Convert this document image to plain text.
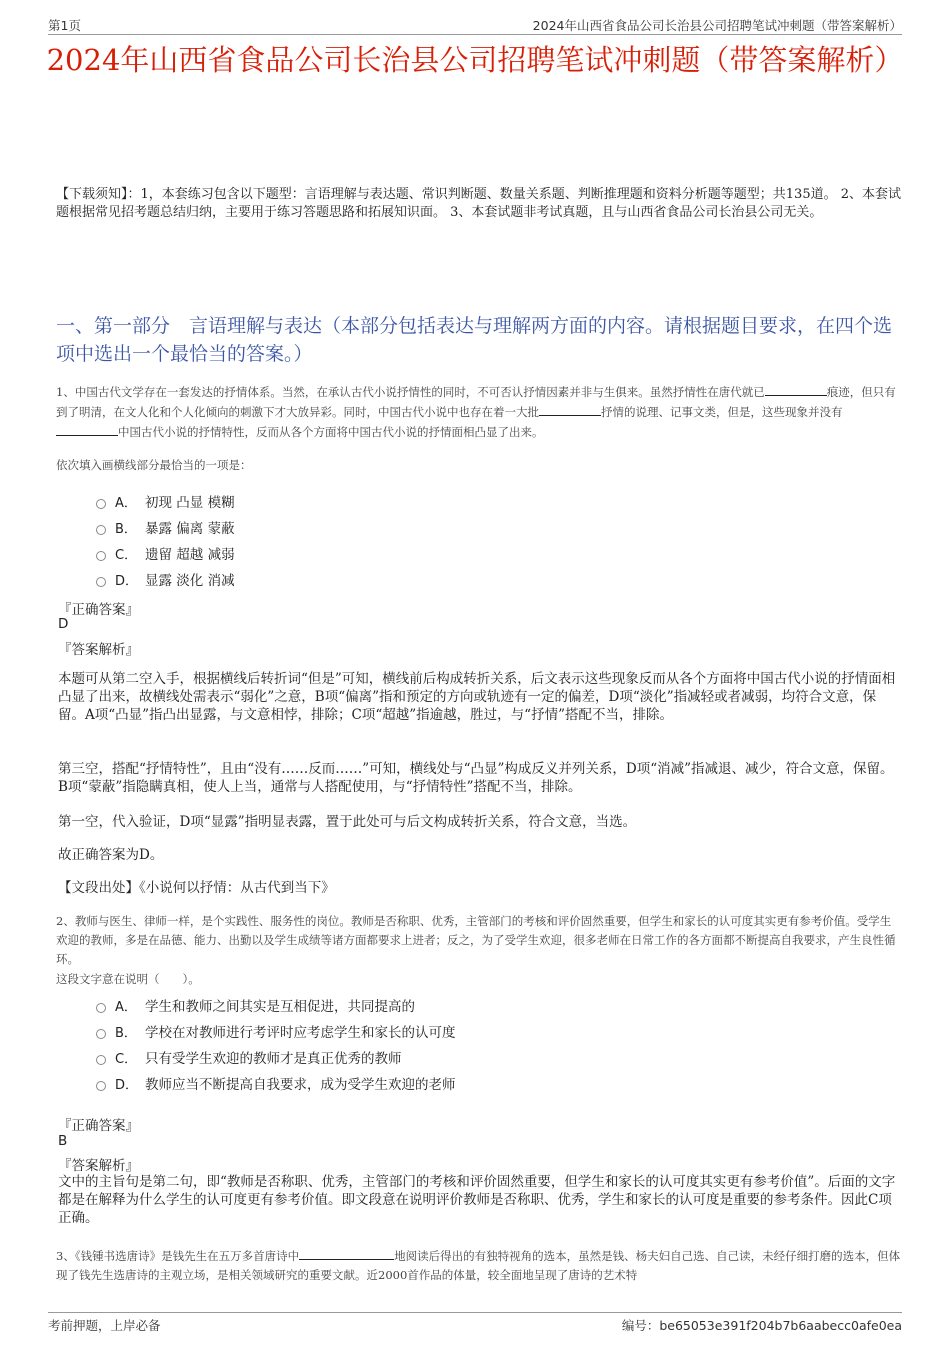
第1页	2024年山西省食品公司长治县公司招聘笔试冲刺题（带答案解析）
2024年山西省食品公司长治县公司招聘笔试冲刺题（带答案解析）
【下载须知】：1，本套练习包含以下题型：言语理解与表达题、常识判断题、数量关系题、判断推理题和资料分析题等题型；共135道。 2、本套试题根据常见招考题总结归纳，主要用于练习答题思路和拓展知识面。 3、本套试题非考试真题，且与山西省食品公司长治县公司无关。
一、第一部分　言语理解与表达（本部分包括表达与理解两方面的内容。请根据题目要求，在四个选项中选出一个最恰当的答案。）
1、中国古代文学存在一套发达的抒情体系。当然，在承认古代小说抒情性的同时，不可否认抒情因素并非与生俱来。虽然抒情性在唐代就已	痕迹，但只有到了明清，在文人化和个人化倾向的刺激下才大放异彩。同时，中国古代小说中也存在着一大批	抒情的说理、记事文类，但是，这些现象并没有中国古代小说的抒情特性，反而从各个方面将中国古代小说的抒情面相凸显了出来。
依次填入画横线部分最恰当的一项是：
A． 初现 凸显 模糊
B． 暴露 偏离 蒙蔽
C． 遗留 超越 减弱
D． 显露 淡化 消减
『正确答案』
D
『答案解析』
本题可从第二空入手，根据横线后转折词“但是”可知，横线前后构成转折关系，后文表示这些现象反而从各个方面将中国古代小说的抒情面相凸显了出来，故横线处需表示“弱化”之意，B项“偏离”指和预定的方向或轨迹有一定的偏差，D项“淡化”指减轻或者减弱，均符合文意，保留。A项“凸显”指凸出显露，与文意相悖，排除；C项“超越”指逾越，胜过，与“抒情”搭配不当，排除。
第三空，搭配“抒情特性”，且由“没有……反而……”可知，横线处与“凸显”构成反义并列关系，D项“消减”指减退、减少，符合文意，保留。B项“蒙蔽”指隐瞒真相，使人上当，通常与人搭配使用，与“抒情特性”搭配不当，排除。
第一空，代入验证，D项“显露”指明显表露，置于此处可与后文构成转折关系，符合文意，当选。
故正确答案为D。
【文段出处】《小说何以抒情：从古代到当下》
2、教师与医生、律师一样，是个实践性、服务性的岗位。教师是否称职、优秀，主管部门的考核和评价固然重要，但学生和家长的认可度其实更有参考价值。受学生欢迎的教师，多是在品德、能力、出勤以及学生成绩等诸方面都要求上进者；反之，为了受学生欢迎，很多老师在日常工作的各方面都不断提高自我要求，产生良性循环。
这段文字意在说明（　　）。
A． 学生和教师之间其实是互相促进，共同提高的
B． 学校在对教师进行考评时应考虑学生和家长的认可度
C． 只有受学生欢迎的教师才是真正优秀的教师
D． 教师应当不断提高自我要求，成为受学生欢迎的老师
『正确答案』
B
『答案解析』
文中的主旨句是第二句，即“教师是否称职、优秀，主管部门的考核和评价固然重要，但学生和家长的认可度其实更有参考价值”。后面的文字都是在解释为什么学生的认可度更有参考价值。即文段意在说明评价教师是否称职、优秀，学生和家长的认可度是重要的参考条件。因此C项正确。
3、《钱锺书选唐诗》是钱先生在五万多首唐诗中	地阅读后得出的有独特视角的选本，虽然是钱、杨夫妇自己选、自己读，未经仔细打磨的选本，但体现了钱先生选唐诗的主观立场，是相关领域研究的重要文献。近2000首作品的体量，较全面地呈现了唐诗的艺术特
考前押题，上岸必备	编号：be65053e391f204b7b6aabecc0afe0ea
